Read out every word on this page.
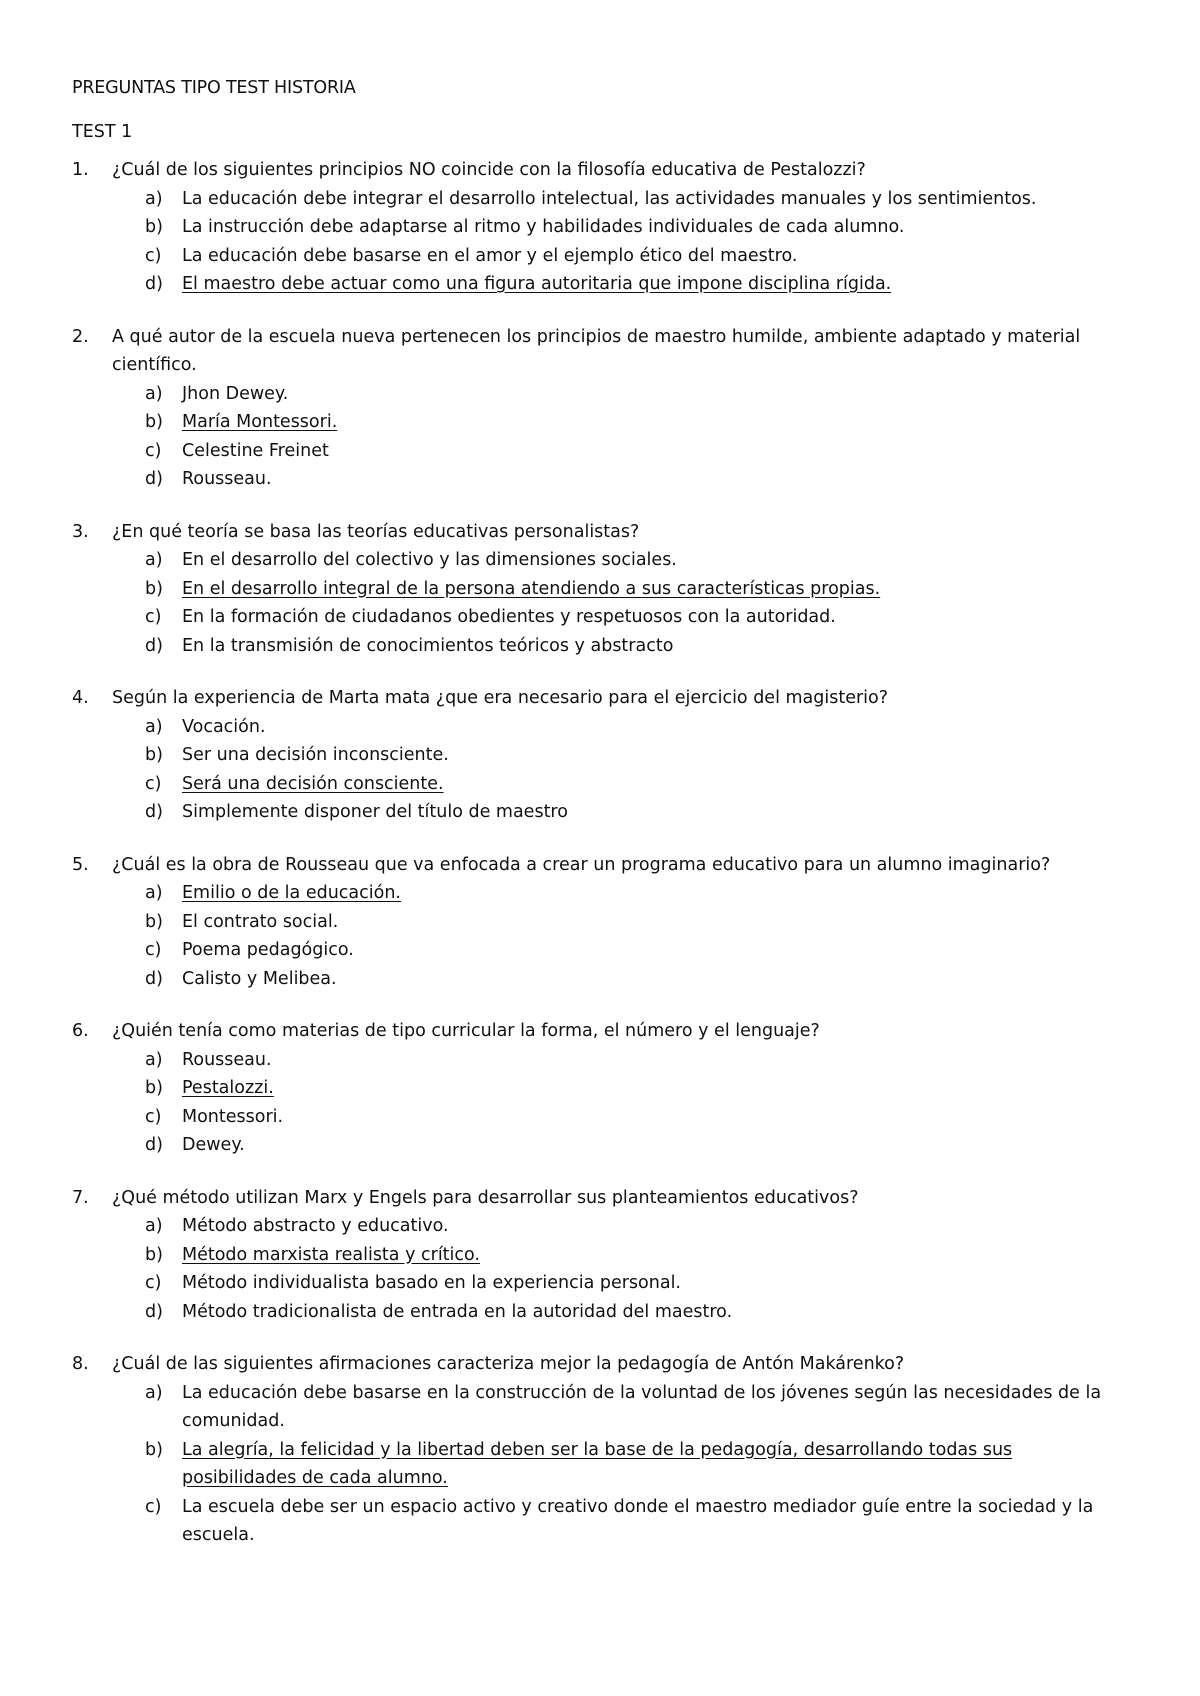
PREGUNTAS TIPO TEST HISTORIA
TEST 1
1.	¿Cuál de los siguientes principios NO coincide con la filosofía educativa de Pestalozzi?
a)	La educación debe integrar el desarrollo intelectual, las actividades manuales y los sentimientos.
b)	La instrucción debe adaptarse al ritmo y habilidades individuales de cada alumno.
c)	La educación debe basarse en el amor y el ejemplo ético del maestro.
d)	El maestro debe actuar como una figura autoritaria que impone disciplina rígida.
2.	A qué autor de la escuela nueva pertenecen los principios de maestro humilde, ambiente adaptado y material científico.
a)	Jhon Dewey.
b)	María Montessori.
c)	Celestine Freinet
d)	Rousseau.
3.	¿En qué teoría se basa las teorías educativas personalistas?
a)	En el desarrollo del colectivo y las dimensiones sociales.
b)	En el desarrollo integral de la persona atendiendo a sus características propias.
c)	En la formación de ciudadanos obedientes y respetuosos con la autoridad.
d)	En la transmisión de conocimientos teóricos y abstracto
4.	Según la experiencia de Marta mata ¿que era necesario para el ejercicio del magisterio?
a)	Vocación.
b)	Ser una decisión inconsciente.
c)	Será una decisión consciente.
d)	Simplemente disponer del título de maestro
5.	¿Cuál es la obra de Rousseau que va enfocada a crear un programa educativo para un alumno imaginario?
a)	Emilio o de la educación.
b)	El contrato social.
c)	Poema pedagógico.
d)	Calisto y Melibea.
6.	¿Quién tenía como materias de tipo curricular la forma, el número y el lenguaje?
a)	Rousseau.
b)	Pestalozzi.
c)	Montessori.
d)	Dewey.
7.	¿Qué método utilizan Marx y Engels para desarrollar sus planteamientos educativos?
a)	Método abstracto y educativo.
b)	Método marxista realista y crítico.
c)	Método individualista basado en la experiencia personal.
d)	Método tradicionalista de entrada en la autoridad del maestro.
8.	¿Cuál de las siguientes afirmaciones caracteriza mejor la pedagogía de Antón Makárenko?
a)	La educación debe basarse en la construcción de la voluntad de los jóvenes según las necesidades de la comunidad.
b)	La alegría, la felicidad y la libertad deben ser la base de la pedagogía, desarrollando todas sus posibilidades de cada alumno.
c)	La escuela debe ser un espacio activo y creativo donde el maestro mediador guíe entre la sociedad y la escuela.
